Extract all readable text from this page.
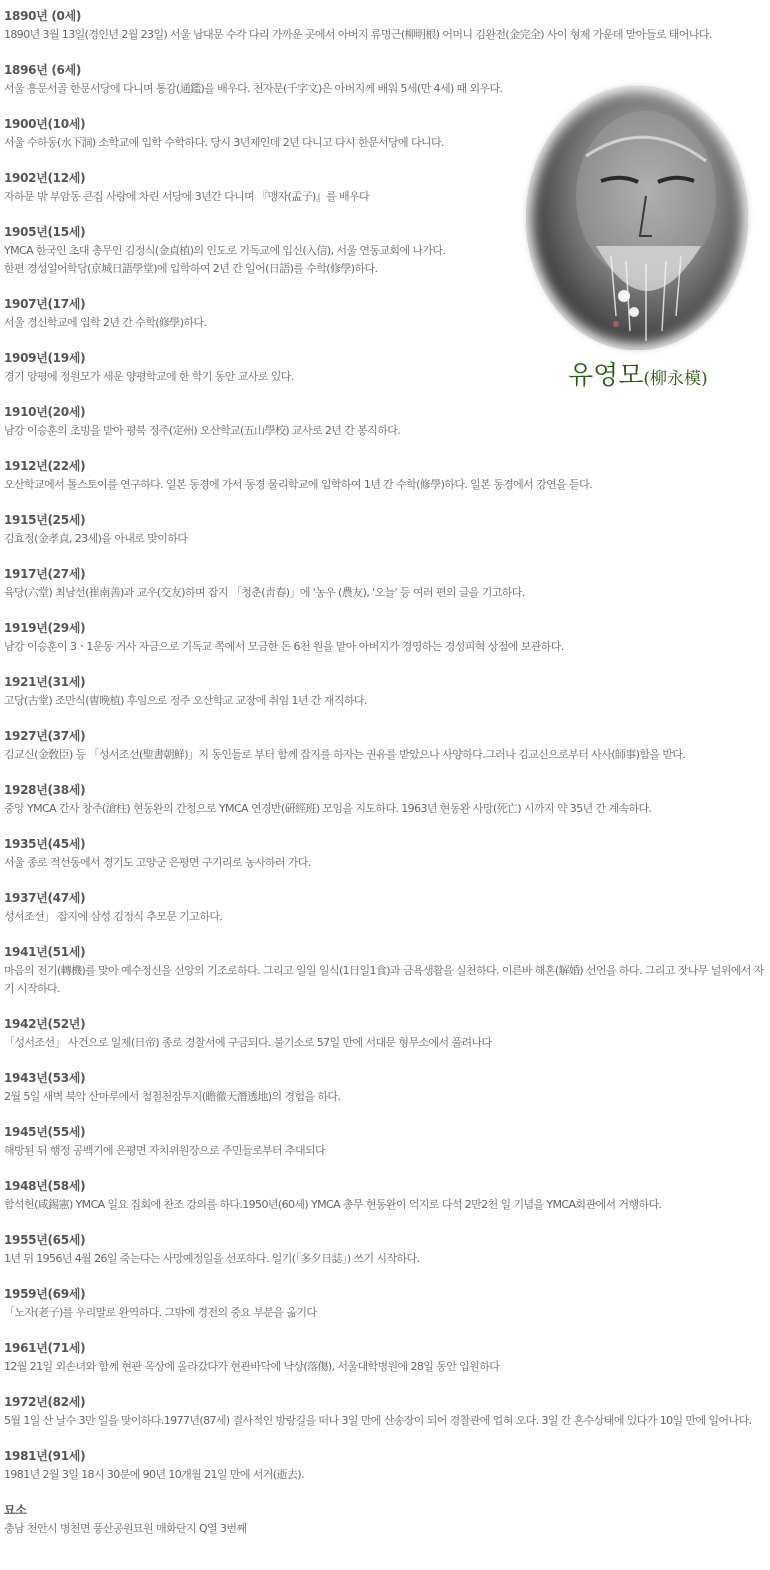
1890년 (0세)
1890년 3월 13일(경인년 2월 23일) 서울 남대문 수각 다리 가까운 곳에서 아버지 류명근(柳明根) 어머니 김완전(金完全) 사이 형제 가운데 맏아들로 태어나다.
1896년 (6세)
서울 흥문서골 한문서당에 다니며 통감(通鑑)을 배우다. 천자문(千字文)은 아버지께 배워 5세(만 4세) 때 외우다.
1900년(10세)
서울 수하동(水下洞) 소학교에 입학 수학하다. 당시 3년제인데 2년 다니고 다시 한문서당에 다니다.
1902년(12세)
자하문 밖 부암동 큰집 사랑에 차린 서당에 3년간 다니며 『맹자(孟子)』를 배우다
1905년(15세)
YMCA 한국인 초대 총무인 김정식(金貞植)의 인도로 기독교에 입신(入信), 서울 연동교회에 나가다.
한편 경성일어학당(京城日語學堂)에 입학하여 2년 간 일어(日語)를 수학(修學)하다.
1907년(17세)
서울 경신학교에 입학 2년 간 수학(修學)하다.
1909년(19세)
경기 양평에 정원모가 세운 양평학교에 한 학기 동안 교사로 있다.
1910년(20세)
남강 이승훈의 초빙을 받아 평북 정주(定州) 오산학교(五山學校) 교사로 2년 간 봉직하다.
1912년(22세)
오산학교에서 톨스토이를 연구하다. 일본 동경에 가서 동경 물리학교에 입학하여 1년 간 수학(修學)하다. 일본 동경에서 강연을 듣다.
1915년(25세)
김효정(金孝貞, 23세)을 아내로 맞이하다
1917년(27세)
육당(六堂) 최남선(崔南善)과 교우(交友)하며 잡지 「청춘(靑春)」에 '농우 (農友), '오늘' 등 여러 편의 글을 기고하다.
1919년(29세)
남강 이승훈이 3ㆍ1운동 거사 자금으로 기독교 쪽에서 모금한 돈 6천 원을 맡아 아버지가 경영하는 경성피혁 상점에 보관하다.
1921년(31세)
고당(古堂) 조만식(曺晩植) 후임으로 정주 오산학교 교장에 취임 1년 간 재직하다.
1927년(37세)
김교신(金敎臣) 등 「성서조선(聖書朝鮮)」지 동인들로 부터 함께 잡지를 하자는 권유를 받았으나 사양하다.그러나 김교신으로부터 사사(師事)함을 받다.
1928년(38세)
중앙 YMCA 간사 창주(滄柱) 현동완의 간청으로 YMCA 연경반(硏經班) 모임을 지도하다. 1963년 현동완 사망(死亡) 시까지 약 35년 간 계속하다.
1935년(45세)
서울 종로 적선동에서 경기도 고양군 은평면 구기리로 농사하러 가다.
1937년(47세)
성서조선」 잡지에 삼성 김정식 추모문 기고하다.
1941년(51세)
마음의 전기(轉機)를 맞아 예수정신을 신앙의 기조로하다. 그리고 일일 일식(1日일1食)과 금욕생활을 실천하다. 이른바 해혼(解婚) 선언을 하다. 그리고 잣나무 널위에서 자기 시작하다.
1942년(52년)
「성서조선」 사건으로 일제(日帝) 종로 경찰서에 구금되다. 불기소로 57일 만에 서대문 형무소에서 풀려나다
1943년(53세)
2월 5일 새벽 북악 산마루에서 첨철천잠투지(瞻徹天潛透地)의 경험을 하다.
1945년(55세)
해방된 뒤 행정 공백기에 은평면 자치위원장으로 주민들로부터 추대되다
1948년(58세)
함석헌(咸錫憲) YMCA 일요 집회에 찬조 강의를 하다.1950년(60세) YMCA 총무 현동완이 억지로 다석 2만2천 일 기념을 YMCA회관에서 거행하다.
1955년(65세)
1년 뒤 1956년 4월 26일 죽는다는 사망예정일을 선포하다. 일기(「多夕日誌」) 쓰기 시작하다.
1959년(69세)
「노자(老子)를 우리말로 완역하다. 그밖에 경전의 중요 부분을 옮기다
1961년(71세)
12월 21일 외손녀와 함께 현관 옥상에 올라갔다가 현관바닥에 낙상(落傷), 서울대학병원에 28일 동안 입원하다
1972년(82세)
5월 1일 산 날수 3만 일을 맞이하다.1977년(87세) 결사적인 방랑길을 떠나 3일 만에 산송장이 되어 경찰관에 업혀 오다. 3일 간 혼수상태에 있다가 10일 만에 일어나다.
1981년(91세)
1981년 2월 3일 18시 30분에 90년 10개월 21일 만에 서거(逝去).
묘소
충남 천안시 병천면 풍산공원묘원 매화단지 Q열 3번째
유영모(柳永模)
